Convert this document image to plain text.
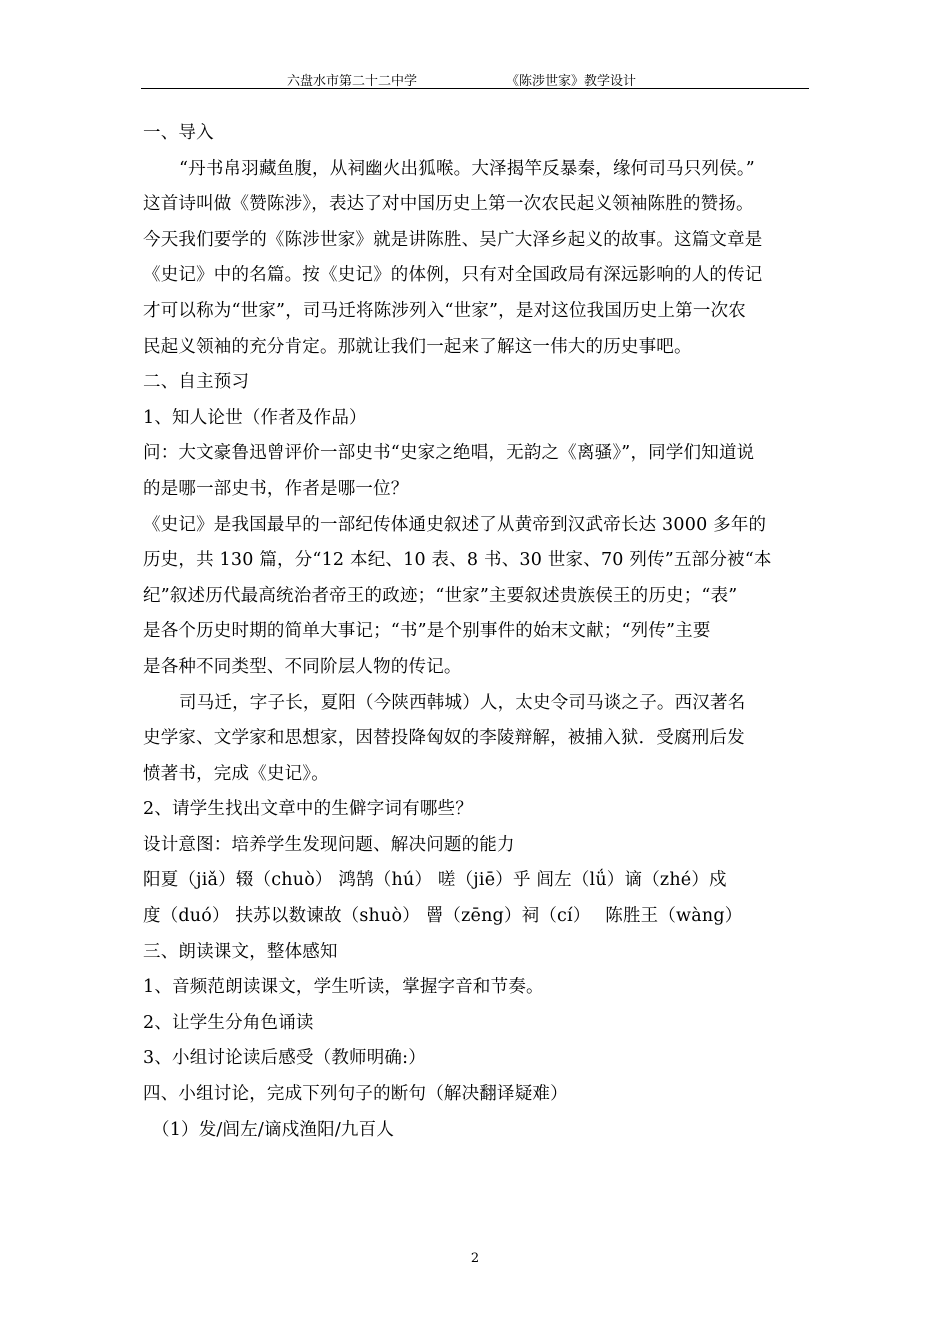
六盘水市第二十二中学	《陈涉世家》教学设计
一、导入
“丹书帛羽藏鱼腹，从祠幽火出狐喉。大泽揭竿反暴秦，缘何司马只列侯。”
这首诗叫做《赞陈涉》，表达了对中国历史上第一次农民起义领袖陈胜的赞扬。
今天我们要学的《陈涉世家》就是讲陈胜、吴广大泽乡起义的故事。这篇文章是
《史记》中的名篇。按《史记》的体例，只有对全国政局有深远影响的人的传记
才可以称为“世家”，司马迁将陈涉列入“世家”，是对这位我国历史上第一次农
民起义领袖的充分肯定。那就让我们一起来了解这一伟大的历史事吧。
二、自主预习
1、知人论世（作者及作品）
问：大文豪鲁迅曾评价一部史书“史家之绝唱，无韵之《离骚》”，同学们知道说
的是哪一部史书，作者是哪一位？
《史记》是我国最早的一部纪传体通史叙述了从黄帝到汉武帝长达 3000 多年的
历史，共 130 篇，分“12 本纪、10 表、8 书、30 世家、70 列传”五部分被“本
纪”叙述历代最高统治者帝王的政迹；“世家”主要叙述贵族侯王的历史；“表”
是各个历史时期的简单大事记；“书”是个别事件的始末文献；“列传”主要
是各种不同类型、不同阶层人物的传记。
司马迁，字子长，夏阳（今陕西韩城）人，太史令司马谈之子。西汉著名
史学家、文学家和思想家，因替投降匈奴的李陵辩解，被捕入狱．受腐刑后发
愤著书，完成《史记》。
2、请学生找出文章中的生僻字词有哪些？
设计意图：培养学生发现问题、解决问题的能力
阳夏（jiǎ）辍（chuò） 鸿鹄（hú） 嗟（jiē）乎 闾左（lǘ）谪（zhé）戍
度（duó） 扶苏以数谏故（shuò） 罾（zēng）祠（cí）　 陈胜王（wàng）
三、朗读课文，整体感知
1、音频范朗读课文，学生听读，掌握字音和节奏。
2、让学生分角色诵读
3、小组讨论读后感受（教师明确:）
四、小组讨论，完成下列句子的断句（解决翻译疑难）
（1）发/闾左/谪戍渔阳/九百人
2
